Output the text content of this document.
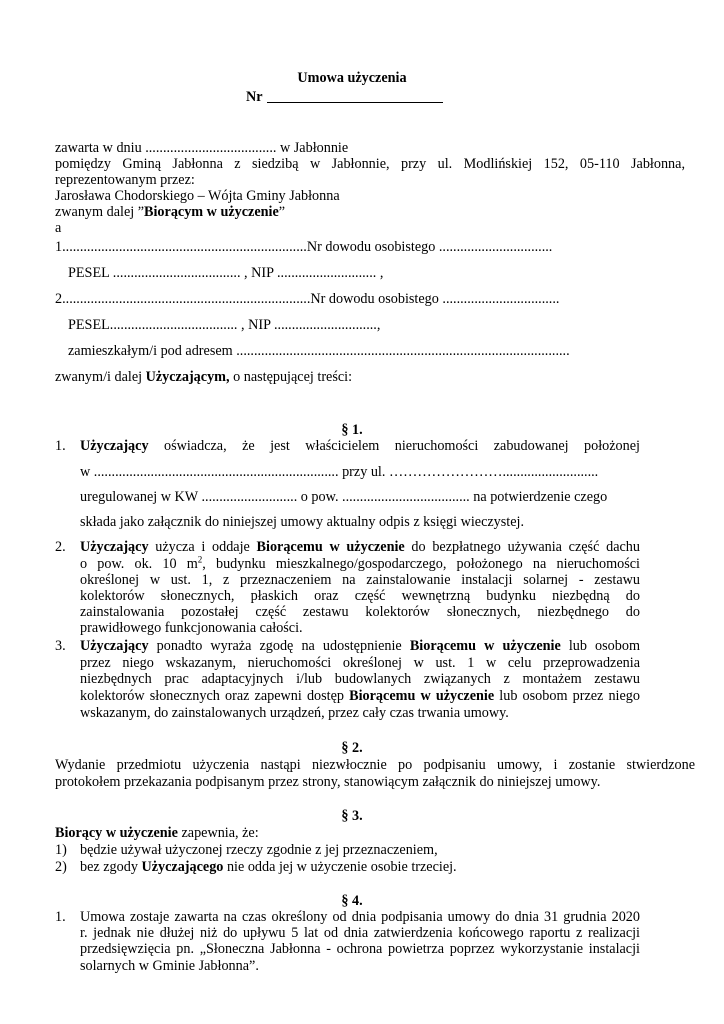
Umowa użyczenia
Nr
zawarta w dniu ..................................... w Jabłonnie
pomiędzy Gminą Jabłonna z siedzibą w Jabłonnie, przy ul. Modlińskiej 152, 05-110 Jabłonna,
reprezentowanym przez:
Jarosława Chodorskiego – Wójta Gminy Jabłonna
zwanym dalej ”Biorącym w użyczenie”
a
1.....................................................................Nr dowodu osobistego ................................
PESEL .................................... , NIP ............................ ,
2......................................................................Nr dowodu osobistego .................................
PESEL.................................... , NIP .............................,
zamieszkałym/i pod adresem ..............................................................................................
zwanym/i dalej Użyczającym, o następującej treści:
§ 1.
1. Użyczający oświadcza, że jest właścicielem nieruchomości zabudowanej położonej
w ..................................................................... przy ul. ……………………...........................
uregulowanej w KW ........................... o pow. .................................... na potwierdzenie czego
składa jako załącznik do niniejszej umowy aktualny odpis z księgi wieczystej.
2. Użyczający użycza i oddaje Biorącemu w użyczenie do bezpłatnego używania część dachu
o pow. ok. 10 $m^2$, budynku mieszkalnego/gospodarczego, położonego na nieruchomości
określonej w ust. 1, z przeznaczeniem na zainstalowanie instalacji solarnej - zestawu
kolektorów słonecznych, płaskich oraz część wewnętrzną budynku niezbędną do
zainstalowania pozostałej część zestawu kolektorów słonecznych, niezbędnego do
prawidłowego funkcjonowania całości.
3. Użyczający ponadto wyraża zgodę na udostępnienie Biorącemu w użyczenie lub osobom
przez niego wskazanym, nieruchomości określonej w ust. 1 w celu przeprowadzenia
niezbędnych prac adaptacyjnych i/lub budowlanych związanych z montażem zestawu
kolektorów słonecznych oraz zapewni dostęp Biorącemu w użyczenie lub osobom przez niego
wskazanym, do zainstalowanych urządzeń, przez cały czas trwania umowy.
§ 2.
Wydanie przedmiotu użyczenia nastąpi niezwłocznie po podpisaniu umowy, i zostanie stwierdzone
protokołem przekazania podpisanym przez strony, stanowiącym załącznik do niniejszej umowy.
§ 3.
Biorący w użyczenie zapewnia, że:
1) będzie używał użyczonej rzeczy zgodnie z jej przeznaczeniem,
2) bez zgody Użyczającego nie odda jej w użyczenie osobie trzeciej.
§ 4.
1. Umowa zostaje zawarta na czas określony od dnia podpisania umowy do dnia 31 grudnia 2020
r. jednak nie dłużej niż do upływu 5 lat od dnia zatwierdzenia końcowego raportu z realizacji
przedsięwzięcia pn. „Słoneczna Jabłonna - ochrona powietrza poprzez wykorzystanie instalacji
solarnych w Gminie Jabłonna”.
